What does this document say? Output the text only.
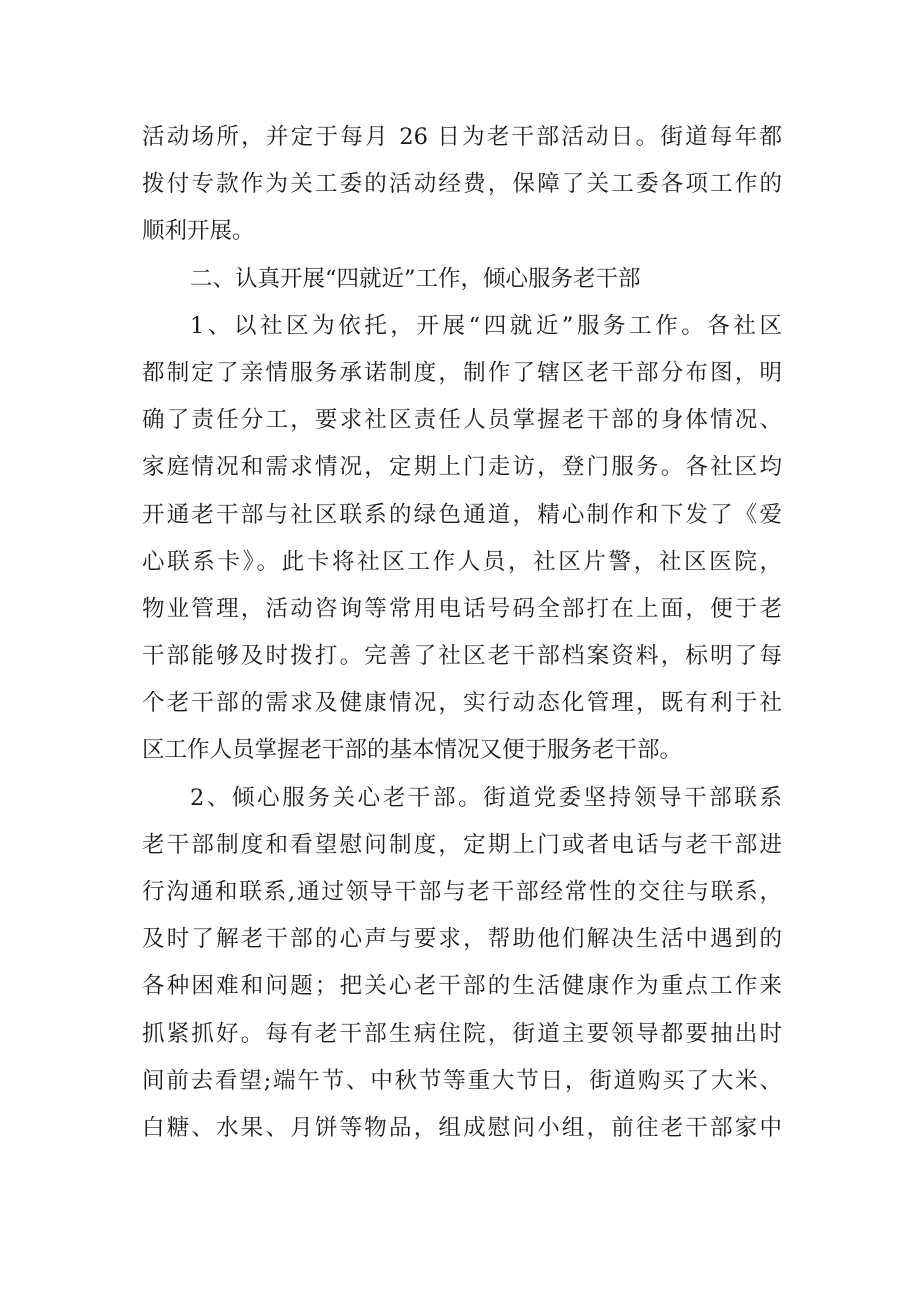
活动场所，并定于每月 26 日为老干部活动日。街道每年都
拨付专款作为关工委的活动经费，保障了关工委各项工作的
顺利开展。
二、认真开展“四就近”工作，倾心服务老干部
1、以社区为依托，开展“四就近”服务工作。各社区
都制定了亲情服务承诺制度，制作了辖区老干部分布图，明
确了责任分工，要求社区责任人员掌握老干部的身体情况、
家庭情况和需求情况，定期上门走访，登门服务。各社区均
开通老干部与社区联系的绿色通道，精心制作和下发了《爱
心联系卡》。此卡将社区工作人员，社区片警，社区医院，
物业管理，活动咨询等常用电话号码全部打在上面，便于老
干部能够及时拨打。完善了社区老干部档案资料，标明了每
个老干部的需求及健康情况，实行动态化管理，既有利于社
区工作人员掌握老干部的基本情况又便于服务老干部。
2、倾心服务关心老干部。街道党委坚持领导干部联系
老干部制度和看望慰问制度，定期上门或者电话与老干部进
行沟通和联系,通过领导干部与老干部经常性的交往与联系，
及时了解老干部的心声与要求，帮助他们解决生活中遇到的
各种困难和问题；把关心老干部的生活健康作为重点工作来
抓紧抓好。每有老干部生病住院，街道主要领导都要抽出时
间前去看望;端午节、中秋节等重大节日，街道购买了大米、
白糖、水果、月饼等物品，组成慰问小组，前往老干部家中
